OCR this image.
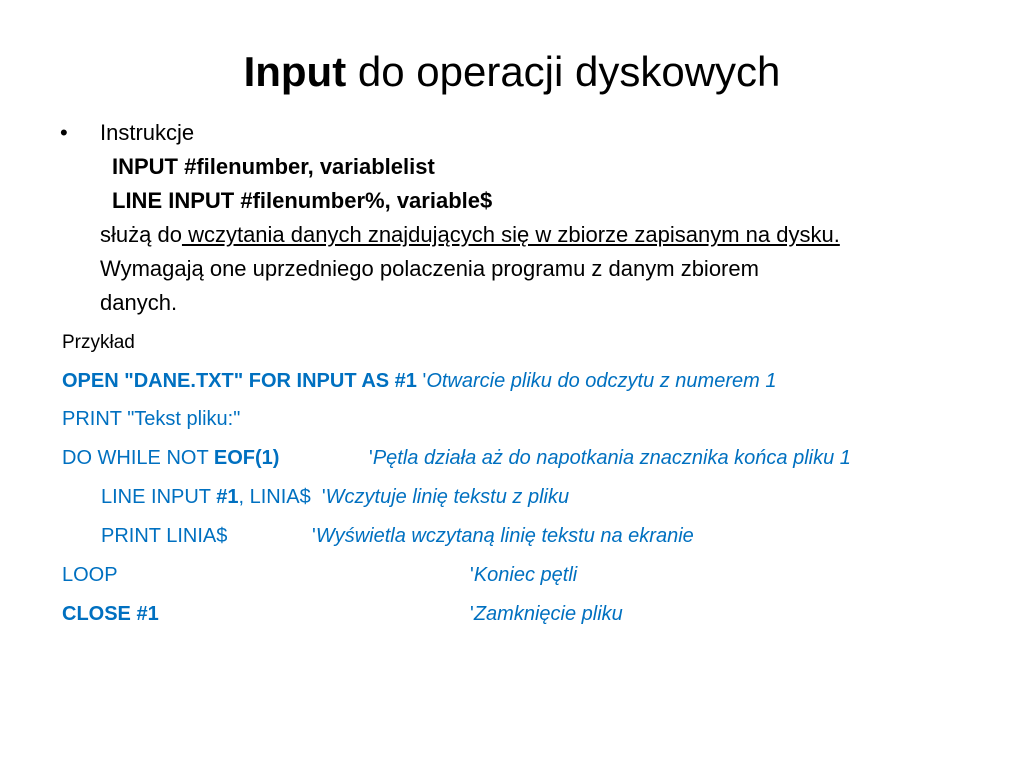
Input do operacji dyskowych
•	Instrukcje
INPUT #filenumber, variablelist
LINE INPUT #filenumber%, variable$
służą do wczytania danych znajdujących się w zbiorze zapisanym na dysku.
Wymagają one uprzedniego polaczenia programu z danym zbiorem
danych.
Przykład
OPEN "DANE.TXT" FOR INPUT AS #1 'Otwarcie pliku do odczytu z numerem 1
PRINT "Tekst pliku:"
DO WHILE NOT EOF(1)	'Pętla działa aż do napotkania znacznika końca pliku 1
LINE INPUT #1, LINIA$  'Wczytuje linię tekstu z pliku
PRINT LINIA$	'Wyświetla wczytaną linię tekstu na ekranie
LOOP	'Koniec pętli
CLOSE #1	'Zamknięcie pliku
